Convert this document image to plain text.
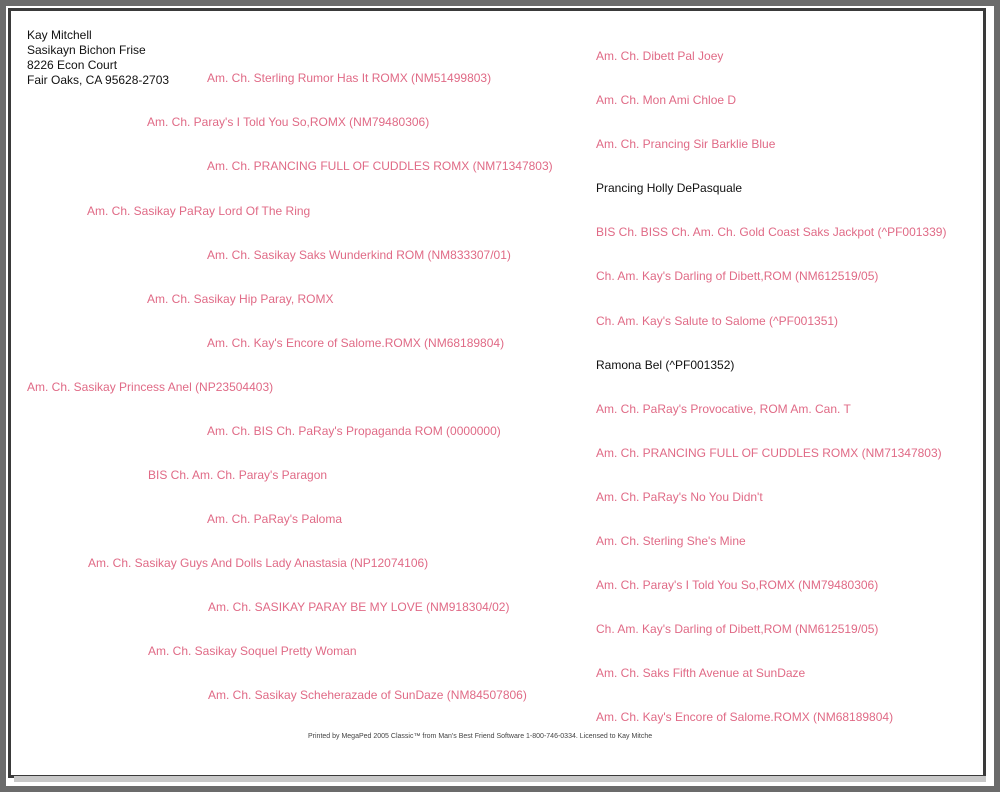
Kay Mitchell
Sasikayn Bichon Frise
8226 Econ Court
Fair Oaks, CA 95628-2703
Am. Ch. Sasikay Princess Anel (NP23504403)
Am. Ch. Sasikay PaRay Lord Of The Ring
Am. Ch. Sasikay Guys And Dolls Lady Anastasia (NP12074106)
Am. Ch. Paray's I Told You So,ROMX (NM79480306)
Am. Ch. Sasikay Hip Paray, ROMX
BIS Ch. Am. Ch. Paray's Paragon
Am. Ch. Sasikay Soquel Pretty Woman
Am. Ch. Sterling Rumor Has It ROMX (NM51499803)
Am. Ch. PRANCING FULL OF CUDDLES ROMX (NM71347803)
Am. Ch. Sasikay Saks Wunderkind ROM (NM833307/01)
Am. Ch. Kay's Encore of Salome.ROMX (NM68189804)
Am. Ch. BIS Ch. PaRay's Propaganda ROM (0000000)
Am. Ch. PaRay's Paloma
Am. Ch. SASIKAY PARAY BE MY LOVE (NM918304/02)
Am. Ch. Sasikay Scheherazade of SunDaze (NM84507806)
Am. Ch. Dibett Pal Joey
Am. Ch. Mon Ami Chloe D
Am. Ch. Prancing Sir Barklie Blue
Prancing Holly DePasquale
BIS Ch. BISS Ch. Am. Ch. Gold Coast Saks Jackpot (^PF001339)
Ch. Am. Kay's Darling of Dibett,ROM (NM612519/05)
Ch. Am. Kay's Salute to Salome (^PF001351)
Ramona Bel (^PF001352)
Am. Ch. PaRay's Provocative, ROM Am. Can. T
Am. Ch. PRANCING FULL OF CUDDLES ROMX (NM71347803)
Am. Ch. PaRay's No You Didn't
Am. Ch. Sterling She's Mine
Am. Ch. Paray's I Told You So,ROMX (NM79480306)
Ch. Am. Kay's Darling of Dibett,ROM (NM612519/05)
Am. Ch. Saks Fifth Avenue at SunDaze
Am. Ch. Kay's Encore of Salome.ROMX (NM68189804)
Printed by MegaPed 2005 Classic™ from Man's Best Friend Software 1-800-746-0334. Licensed to Kay Mitche
